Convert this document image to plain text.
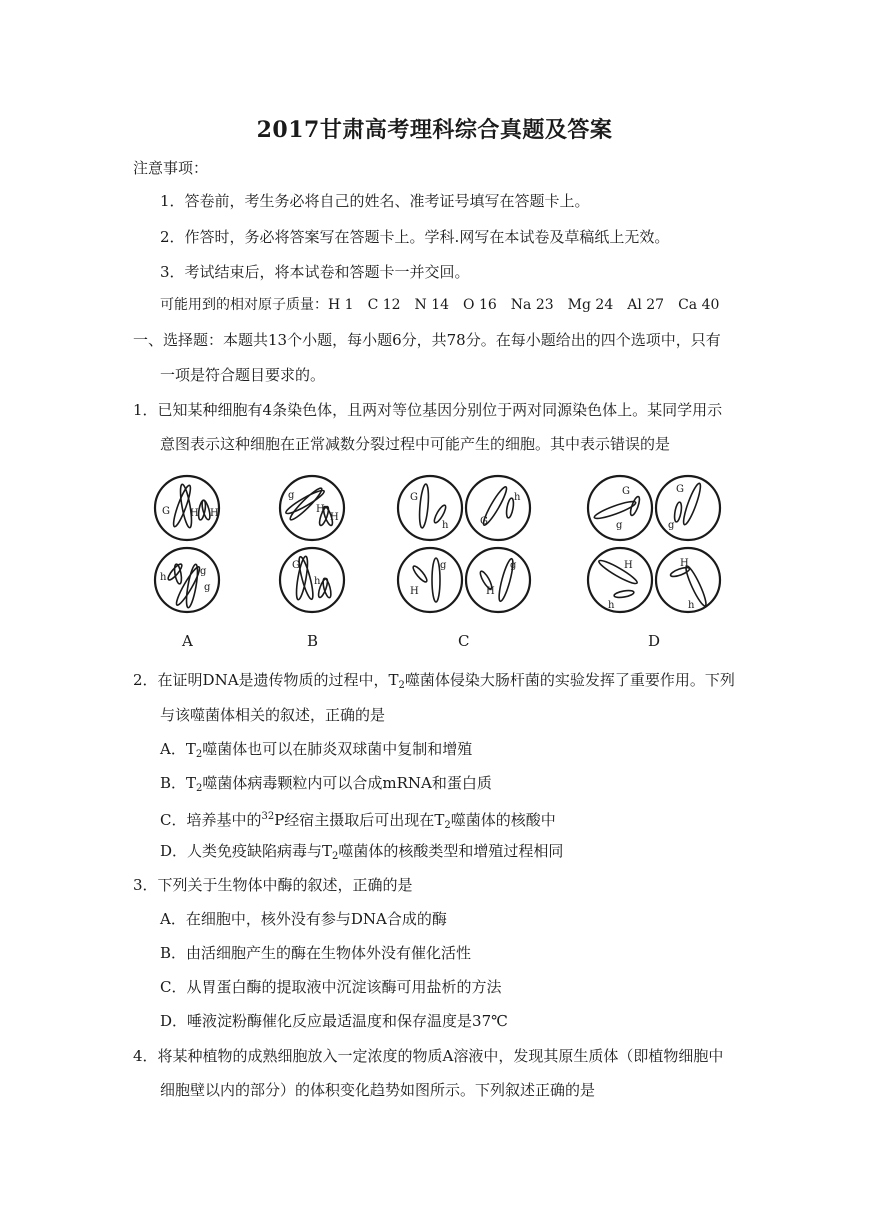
2017甘肃高考理科综合真题及答案
注意事项：
1．答卷前，考生务必将自己的姓名、准考证号填写在答题卡上。
2．作答时，务必将答案写在答题卡上。学科.网写在本试卷及草稿纸上无效。
3．考试结束后，将本试卷和答题卡一并交回。
可能用到的相对原子质量：H 1　C 12　N 14　O 16　Na 23　Mg 24　Al 27　Ca 40
一、选择题：本题共13个小题，每小题6分，共78分。在每小题给出的四个选项中，只有
一项是符合题目要求的。
1．已知某种细胞有4条染色体，且两对等位基因分别位于两对同源染色体上。某同学用示
意图表示这种细胞在正常减数分裂过程中可能产生的细胞。其中表示错误的是
G H H
h
g
g
g
H
H
G
h
G
h	G
h
H
g
H
g
G
g
G
g
H
h
H
h
A	B	C	D
2．在证明DNA是遗传物质的过程中，$T_2$噬菌体侵染大肠杆菌的实验发挥了重要作用。下列
与该噬菌体相关的叙述，正确的是
A．$T_2$噬菌体也可以在肺炎双球菌中复制和增殖
B．$T_2$噬菌体病毒颗粒内可以合成mRNA和蛋白质
C．培养基中的$^{32}$P经宿主摄取后可出现在$T_2$噬菌体的核酸中
D．人类免疫缺陷病毒与$T_2$噬菌体的核酸类型和增殖过程相同
3．下列关于生物体中酶的叙述，正确的是
A．在细胞中，核外没有参与DNA合成的酶
B．由活细胞产生的酶在生物体外没有催化活性
C．从胃蛋白酶的提取液中沉淀该酶可用盐析的方法
D．唾液淀粉酶催化反应最适温度和保存温度是37℃
4．将某种植物的成熟细胞放入一定浓度的物质A溶液中，发现其原生质体（即植物细胞中
细胞壁以内的部分）的体积变化趋势如图所示。下列叙述正确的是
